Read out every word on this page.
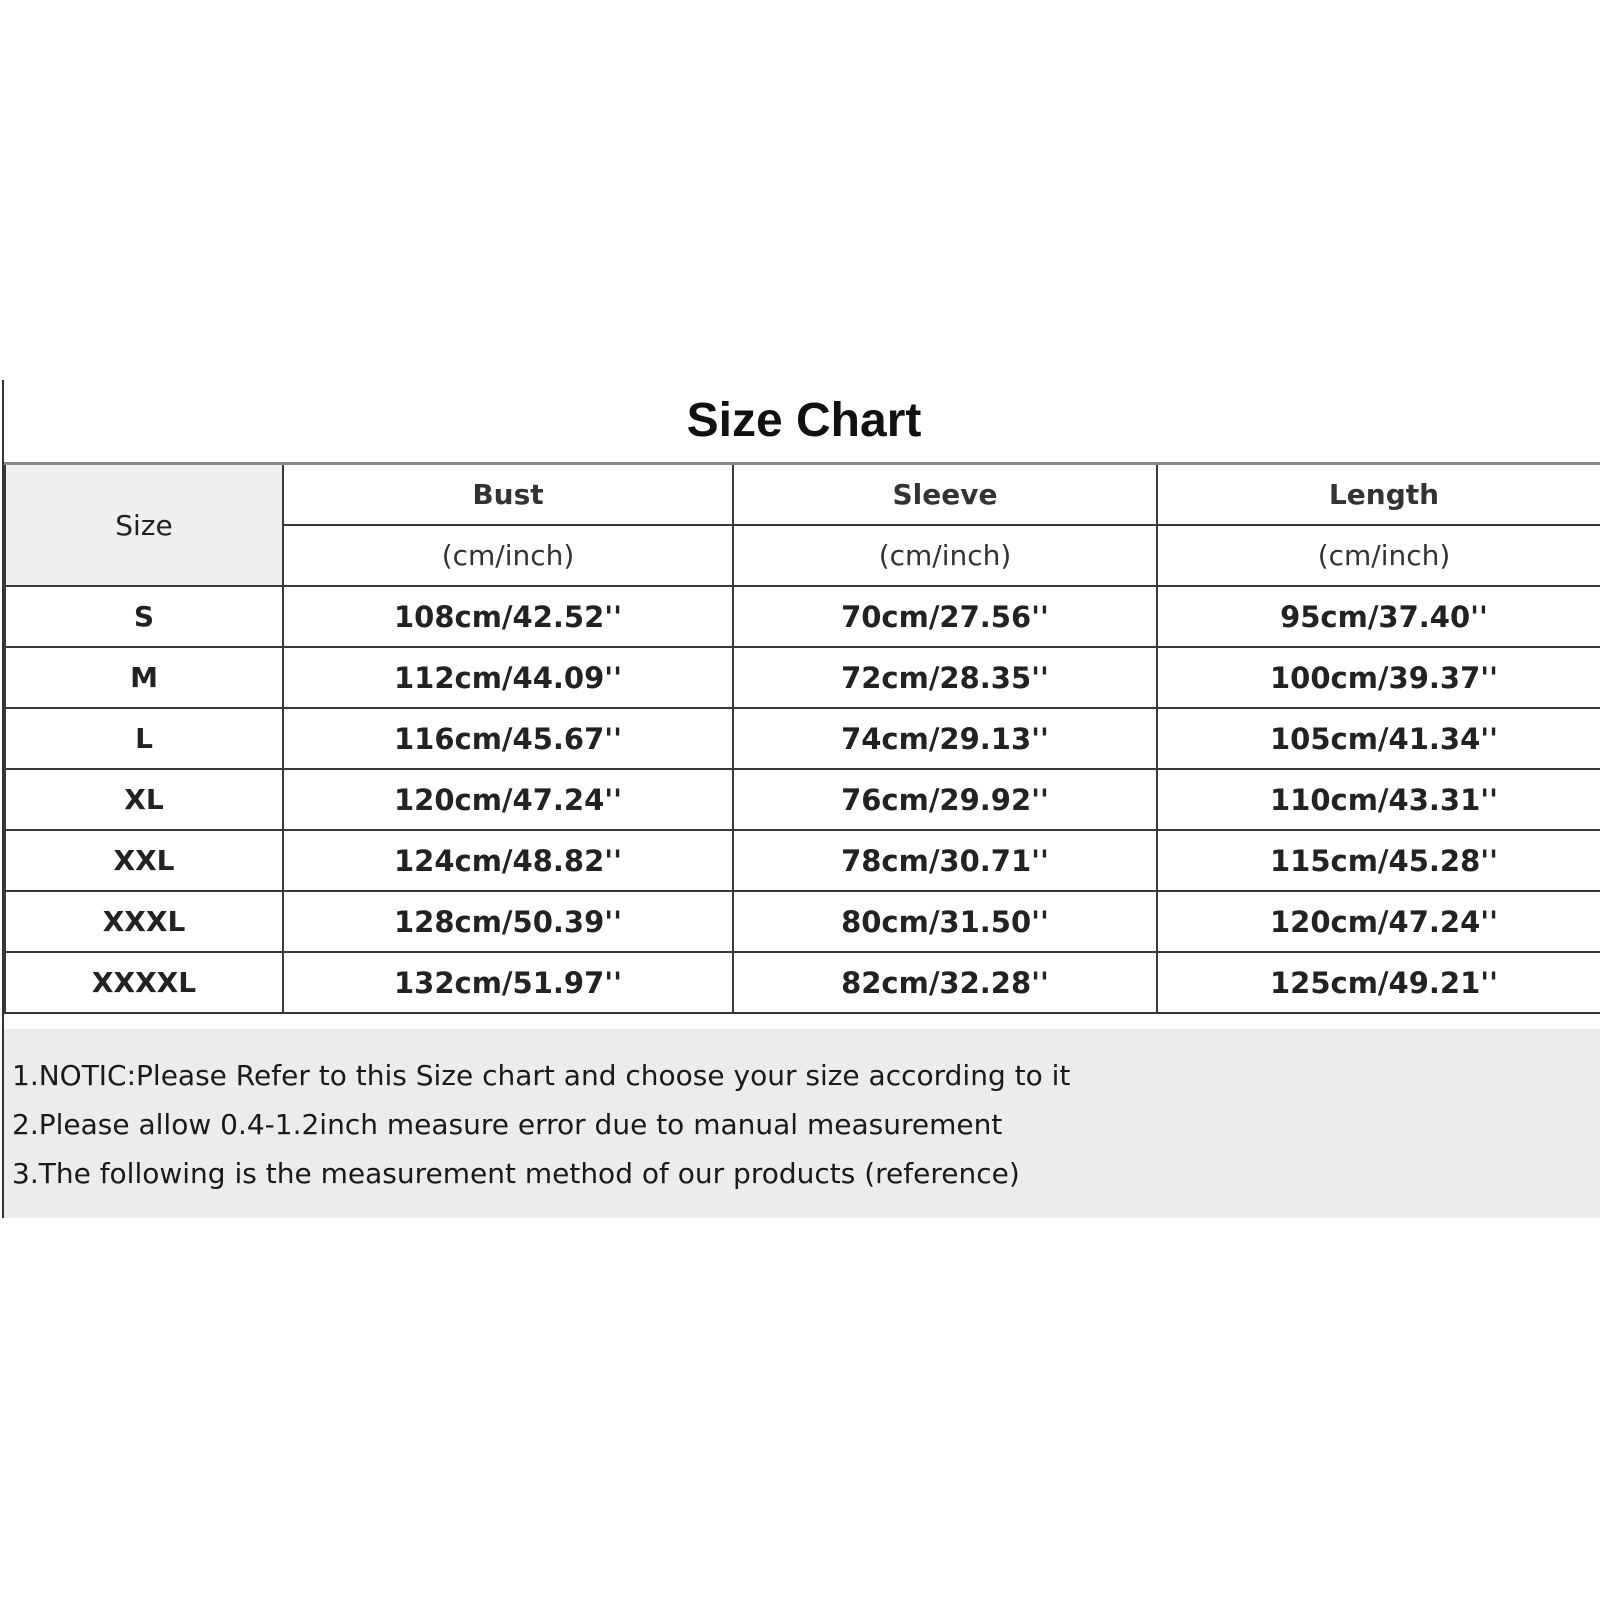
Size Chart
Size	Bust	Sleeve	Length
	(cm/inch)	(cm/inch)	(cm/inch)
S	108cm/42.52''	70cm/27.56''	95cm/37.40''
M	112cm/44.09''	72cm/28.35''	100cm/39.37''
L	116cm/45.67''	74cm/29.13''	105cm/41.34''
XL	120cm/47.24''	76cm/29.92''	110cm/43.31''
XXL	124cm/48.82''	78cm/30.71''	115cm/45.28''
XXXL	128cm/50.39''	80cm/31.50''	120cm/47.24''
XXXXL	132cm/51.97''	82cm/32.28''	125cm/49.21''
1.NOTIC:Please Refer to this Size chart and choose your size according to it
2.Please allow 0.4-1.2inch measure error due to manual measurement
3.The following is the measurement method of our products (reference)
